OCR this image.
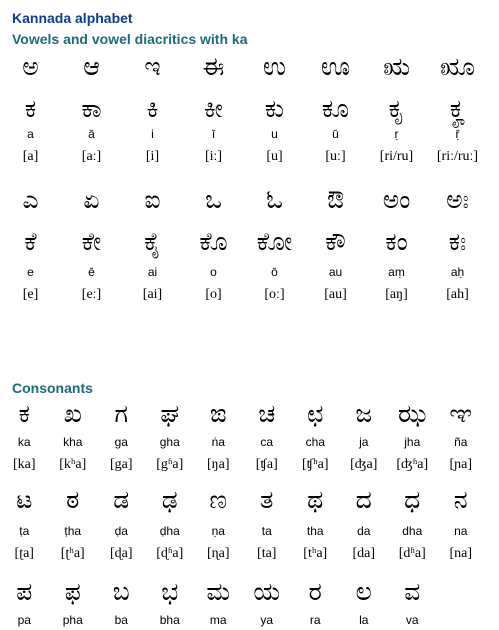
Kannada alphabet
Vowels and vowel diacritics with ka
ಅ	ಆ	ಇ	ಈ	ಉ	ಊ	ಋ	ೠ
ಕ	ಕಾ	ಕಿ	ಕೀ	ಕು	ಕೂ	ಕೃ	ಕೄ
a	ā	i	ī	u	ū	ṛ	ṝ
[a]	[aː]	[i]	[iː]	[u]	[uː]	[ri/ru]	[riː/ruː]
ಎ	ಏ	ಐ	ಒ	ಓ	ಔ	ಅಂ	ಅಃ
ಕೆ	ಕೇ	ಕೈ	ಕೊ	ಕೋ	ಕೌ	ಕಂ	ಕಃ
e	ē	ai	o	ō	au	aṃ	aḥ
[e]	[eː]	[ai]	[o]	[oː]	[au]	[aŋ]	[ah]
Consonants
ಕ	ಖ	ಗ	ಘ	ಙ	ಚ	ಛ	ಜ	ಝ ಞ
ka	kha	ga	gha	ṅa	ca	cha	ja	jha	ña
[ka]	[kʰa]	[ga]	[gʱa]	[ŋa]	[ʧa]	[ʧʰa]	[ʤa]	[ʤʱa]	[ɲa]
ಟ	ಠ	ಡ	ಢ	ಣ	ತ	ಥ	ದ	ಧ	ನ
ṭa	ṭha	ḍa	ḍha	ṇa	ta	tha	da	dha	na
[ʈa]	[ʈʰa]	[ɖa]	[ɖʱa]	[ɳa]	[ta]	[tʰa]	[da]	[dʱa]	[na]
ಪ	ಫ	ಬ	ಭ	ಮ ಯ	ರ	ಲ	ವ
pa	pha	ba	bha	ma	ya	ra	la	va
